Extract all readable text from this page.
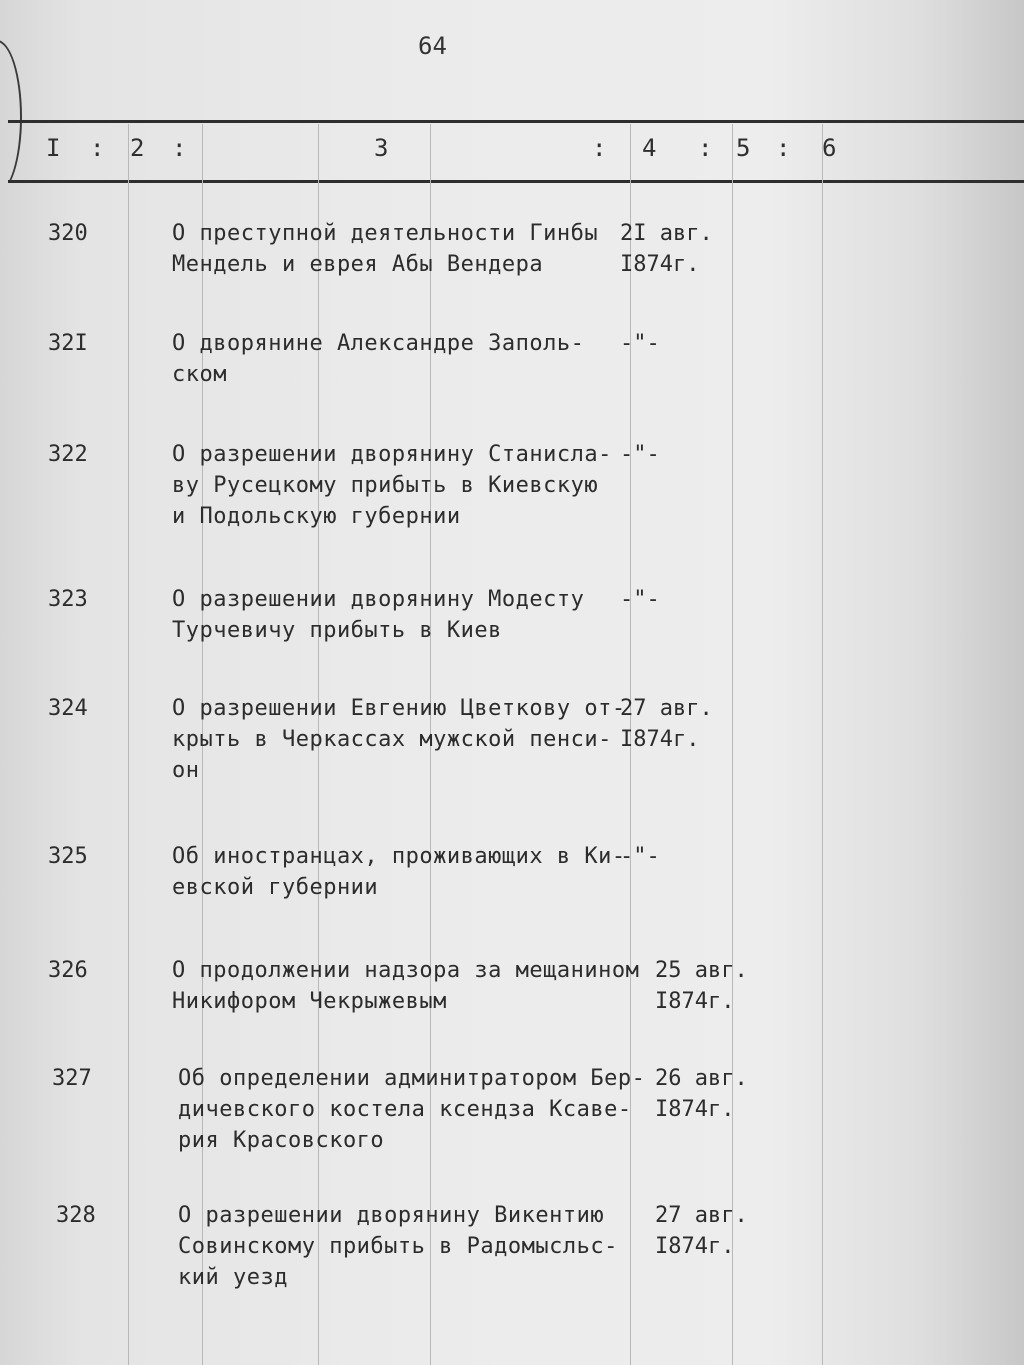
64
I : 2 :	3	: 4 : 5 : 6
320	О преступной деятельности Гинбы
Мендель и еврея Абы Вендера
2I авг.
I874г.
32I	О дворянине Александре Заполь-
ском
-"-
322	О разрешении дворянину Станисла-
ву Русецкому прибыть в Киевскую
и Подольскую губернии
-"-
323	О разрешении дворянину Модесту
Турчевичу прибыть в Киев
-"-
324	О разрешении Евгению Цветкову от-
крыть в Черкассах мужской пенси-
он
27 авг.
I874г.
325	Об иностранцах, проживающих в Ки-
евской губернии
-"-
326	О продолжении надзора за мещанином
Никифором Чекрыжевым
25 авг.
I874г.
327	Об определении админитратором Бер-
дичевского костела ксендза Ксаве-
рия Красовского
26 авг.
I874г.
328	О разрешении дворянину Викентию
Совинскому прибыть в Радомысльс-
кий уезд
27 авг.
I874г.
